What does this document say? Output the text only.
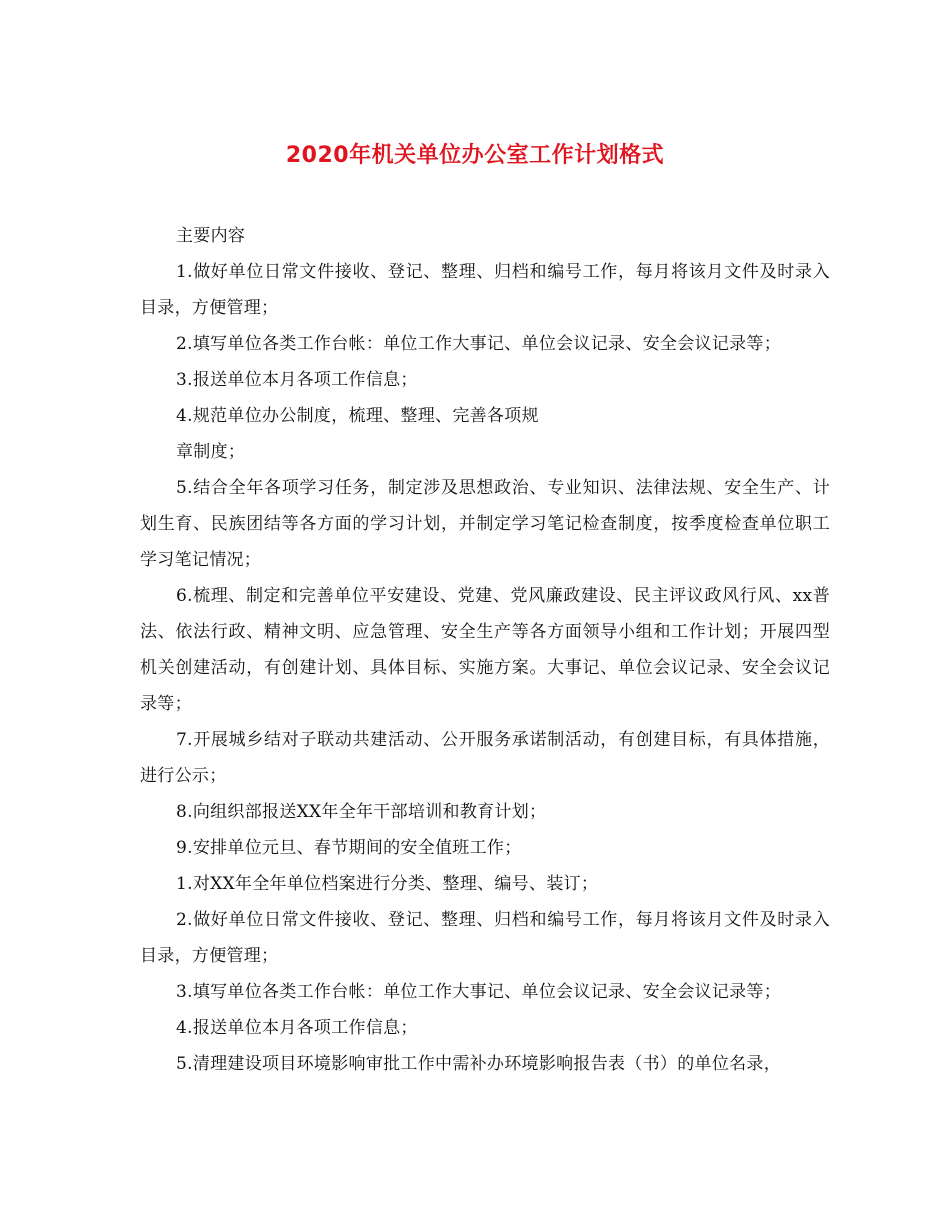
2020年机关单位办公室工作计划格式

主要内容

1.做好单位日常文件接收、登记、整理、归档和编号工作，每月将该月文件及时录入目录，方便管理；

2.填写单位各类工作台帐：单位工作大事记、单位会议记录、安全会议记录等；

3.报送单位本月各项工作信息；

4.规范单位办公制度，梳理、整理、完善各项规

章制度；

5.结合全年各项学习任务，制定涉及思想政治、专业知识、法律法规、安全生产、计划生育、民族团结等各方面的学习计划，并制定学习笔记检查制度，按季度检查单位职工学习笔记情况；

6.梳理、制定和完善单位平安建设、党建、党风廉政建设、民主评议政风行风、xx普法、依法行政、精神文明、应急管理、安全生产等各方面领导小组和工作计划；开展四型机关创建活动，有创建计划、具体目标、实施方案。大事记、单位会议记录、安全会议记录等；

7.开展城乡结对子联动共建活动、公开服务承诺制活动，有创建目标，有具体措施，进行公示；

8.向组织部报送XX年全年干部培训和教育计划；

9.安排单位元旦、春节期间的安全值班工作；

1.对XX年全年单位档案进行分类、整理、编号、装订；

2.做好单位日常文件接收、登记、整理、归档和编号工作，每月将该月文件及时录入目录，方便管理；

3.填写单位各类工作台帐：单位工作大事记、单位会议记录、安全会议记录等；

4.报送单位本月各项工作信息；

5.清理建设项目环境影响审批工作中需补办环境影响报告表（书）的单位名录，
